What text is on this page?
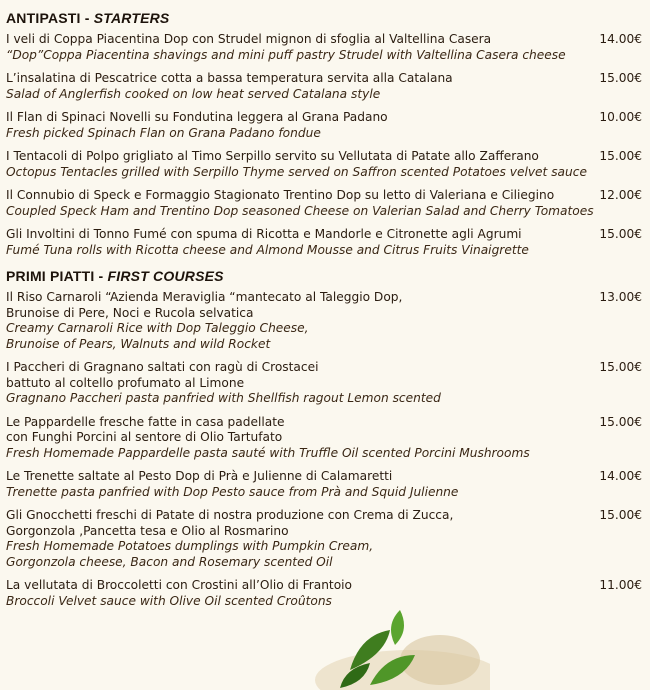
ANTIPASTI - STARTERS
I veli di Coppa Piacentina Dop con Strudel mignon di sfoglia al Valtellina Casera	14.00€
“Dop”Coppa Piacentina shavings and mini puff pastry Strudel with Valtellina Casera cheese
L’insalatina di Pescatrice cotta a bassa temperatura servita alla Catalana	15.00€
Salad of Anglerfish cooked on low heat served Catalana style
Il Flan di Spinaci Novelli su Fondutina leggera al Grana Padano	10.00€
Fresh picked Spinach Flan on Grana Padano fondue
I Tentacoli di Polpo grigliato al Timo Serpillo servito su Vellutata di Patate allo Zafferano	15.00€
Octopus Tentacles grilled with Serpillo Thyme served on Saffron scented Potatoes velvet sauce
Il Connubio di Speck e Formaggio Stagionato Trentino Dop su letto di Valeriana e Ciliegino	12.00€
Coupled Speck Ham and Trentino Dop seasoned Cheese on Valerian Salad and Cherry Tomatoes
Gli Involtini di Tonno Fumé con spuma di Ricotta e Mandorle e Citronette agli Agrumi	15.00€
Fumé Tuna rolls with Ricotta cheese and Almond Mousse and Citrus Fruits Vinaigrette
PRIMI PIATTI - FIRST COURSES
Il Riso Carnaroli “Azienda Meraviglia “mantecato al Taleggio Dop,	13.00€
Brunoise di Pere, Noci e Rucola selvatica
Creamy Carnaroli Rice with Dop Taleggio Cheese,
Brunoise of Pears, Walnuts and wild Rocket
I Paccheri di Gragnano saltati con ragù di Crostacei	15.00€
battuto al coltello profumato al Limone
Gragnano Paccheri pasta panfried with Shellfish ragout Lemon scented
Le Pappardelle fresche fatte in casa padellate	15.00€
con Funghi Porcini al sentore di Olio Tartufato
Fresh Homemade Pappardelle pasta sauté with Truffle Oil scented Porcini Mushrooms
Le Trenette saltate al Pesto Dop di Prà e Julienne di Calamaretti	14.00€
Trenette pasta panfried with Dop Pesto sauce from Prà and Squid Julienne
Gli Gnocchetti freschi di Patate di nostra produzione con Crema di Zucca,	15.00€
Gorgonzola ,Pancetta tesa e Olio al Rosmarino
Fresh Homemade Potatoes dumplings with Pumpkin Cream,
Gorgonzola cheese, Bacon and Rosemary scented Oil
La vellutata di Broccoletti con Crostini all’Olio di Frantoio	11.00€
Broccoli Velvet sauce with Olive Oil scented Croûtons
